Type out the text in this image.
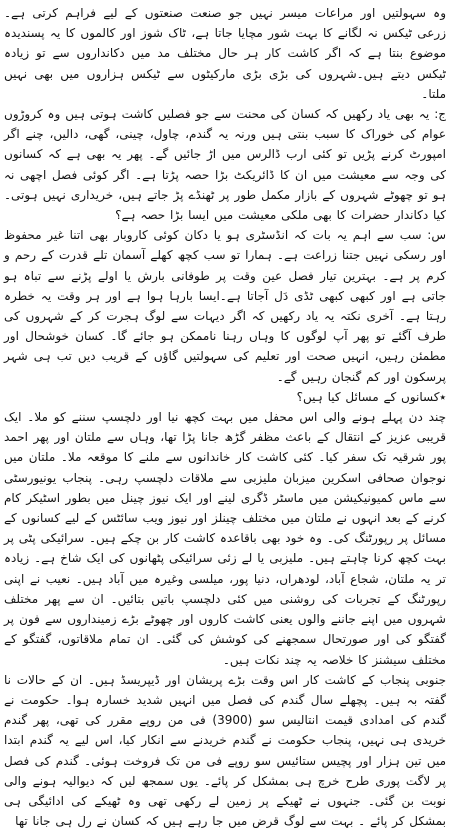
وہ سہولتیں اور مراعات میسر نہیں جو صنعت صنعتوں کے لیے فراہم کرتی ہے۔ زرعی ٹیکس نہ لگانے کا بہت شور مچایا جاتا ہے، ٹاک شوز اور کالموں کا یہ پسندیدہ موضوع بنتا ہے کہ اگر کاشت کار ہر حال مختلف مد میں دکانداروں سے تو زیادہ ٹیکس دیتے ہیں۔شہروں کی بڑی بڑی مارکیٹوں سے ٹیکس ہزاروں میں بھی نہیں ملتا۔

ج: یہ بھی یاد رکھیں کہ کسان کی محنت سے جو فصلیں کاشت ہوتی ہیں وہ کروڑوں عوام کی خوراک کا سبب بنتی ہیں ورنہ یہ گندم، چاول، چینی، گھی، دالیں، چنے اگر امپورٹ کرنے پڑیں تو کئی ارب ڈالرس میں اڑ جائیں گے۔ پھر یہ بھی ہے کہ کسانوں کی وجہ سے معیشت میں ان کا ڈائریکٹ بڑا حصہ پڑتا ہے۔ اگر کوئی فصل اچھی نہ ہو تو چھوٹے شہروں کے بازار مکمل طور پر ٹھنڈے پڑ جاتے ہیں، خریداری نہیں ہوتی۔ کیا دکاندار حضرات کا بھی ملکی معیشت میں ایسا بڑا حصہ ہے؟

س: سب سے اہم یہ بات کہ انڈسٹری ہو یا دکان کوئی کاروبار بھی اتنا غیر محفوظ اور رسکی نہیں جتنا زراعت ہے۔ ہمارا تو سب کچھ کھلے آسمان تلے قدرت کے رحم و کرم پر ہے۔ بہترین تیار فصل عین وقت پر طوفانی بارش یا اولے پڑنے سے تباہ ہو جاتی ہے اور کبھی کبھی ٹڈی دَل آجاتا ہے۔ایسا بارہا ہوا ہے اور ہر وقت یہ خطرہ رہتا ہے۔ آخری نکتہ یہ یاد رکھیں کہ اگر دیہات سے لوگ ہجرت کر کے شہروں کی طرف آگئے تو پھر آپ لوگوں کا وہاں رہنا ناممکن ہو جائے گا۔ کسان خوشحال اور مطمئن رہیں، انہیں صحت اور تعلیم کی سہولتیں گاؤں کے قریب دیں تب ہی شہر پرسکون اور کم گنجان رہیں گے۔

٭کسانوں کے مسائل کیا ہیں؟

چند دن پہلے ہونے والی اس محفل میں بہت کچھ نیا اور دلچسپ سننے کو ملا۔ ایک قریبی عزیز کے انتقال کے باعث مظفر گڑھ جانا پڑا تھا، وہاں سے ملتان اور پھر احمد پور شرقیہ تک سفر کیا۔ کئی کاشت کار خاندانوں سے ملنے کا موقعہ ملا۔ ملتان میں نوجوان صحافی اسکرین میزبان ملیزبی سے ملاقات دلچسپ رہی۔ پنجاب یونیورسٹی سے ماس کمیونیکیشن میں ماسٹر ڈگری لینے اور ایک نیوز چینل میں بطور اسٹیکر کام کرنے کے بعد انہوں نے ملتان میں مختلف چینلز اور نیوز ویب سائٹس کے لیے کسانوں کے مسائل پر رپورٹنگ کی۔ وہ خود بھی باقاعدہ کاشت کار بن چکے ہیں۔ سرائیکی پٹی پر بہت کچھ کرنا چاہتے ہیں۔ ملیزبی یا لے زئی سرائیکی پٹھانوں کی ایک شاخ ہے۔ زیادہ تر یہ ملتان، شجاع آباد، لودھراں، دنیا پور، میلسی وغیرہ میں آباد ہیں۔ نعیب نے اپنی رپورٹنگ کے تجربات کی روشنی میں کئی دلچسپ باتیں بتائیں۔ ان سے پھر مختلف شہروں میں اپنے جاننے والوں یعنی کاشت کاروں اور چھوٹے بڑے زمینداروں سے فون پر گفتگو کی اور صورتحال سمجھنے کی کوشش کی گئی۔ ان تمام ملاقاتوں، گفتگو کے مختلف سیشنز کا خلاصہ یہ چند نکات ہیں۔

جنوبی پنجاب کے کاشت کار اس وقت بڑے پریشان اور ڈیپریسڈ ہیں۔ ان کے حالات نا گفتہ بہ ہیں۔ پچھلے سال گندم کی فصل میں انہیں شدید خسارہ ہوا۔ حکومت نے گندم کی امدادی قیمت انتالیس سو (3900) فی من روپے مقرر کی تھی، پھر گندم خریدی ہی نہیں، پنجاب حکومت نے گندم خریدنے سے انکار کیا، اس لیے یہ گندم ابتدا میں تین ہزار اور پچیس ستائیس سو روپے فی من تک فروخت ہوئی۔ گندم کی فصل پر لاگت پوری طرح خرچ ہی بمشکل کر پائے۔ یوں سمجھ لیں کہ دیوالیہ ہونے والی نوبت بن گئی۔ جنہوں نے ٹھیکے پر زمین لے رکھی تھی وہ ٹھیکے کی ادائیگی ہی بمشکل کر پائے ۔ بہت سے لوگ قرض میں جا رہے ہیں کہ کسان نے رل ہی جانا تھا
